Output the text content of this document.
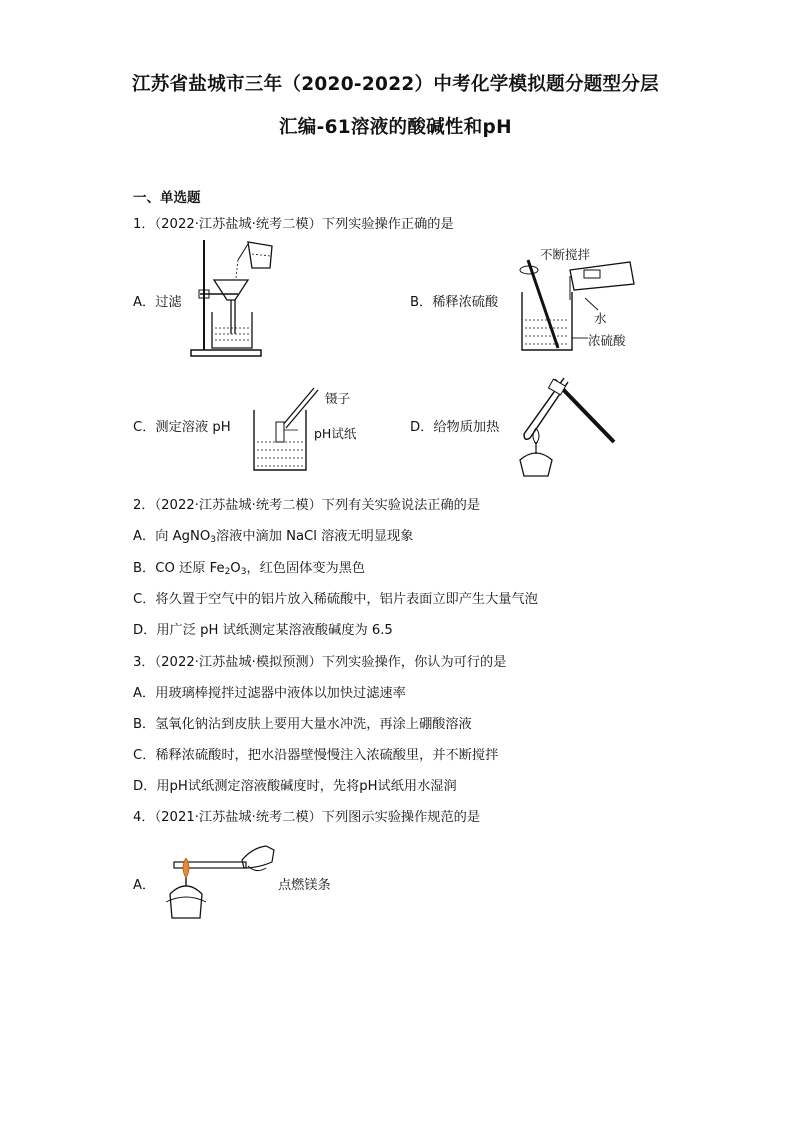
江苏省盐城市三年（2020-2022）中考化学模拟题分题型分层
汇编-61溶液的酸碱性和pH
一、单选题
1．（2022·江苏盐城·统考二模）下列实验操作正确的是
A．过滤	B．稀释浓硫酸
C．测定溶液 pH	D．给物质加热
不断搅拌
水
浓硫酸
镊子
pH试纸
2．（2022·江苏盐城·统考二模）下列有关实验说法正确的是
A．向 AgNO$_3$溶液中滴加 NaCl 溶液无明显现象
B．CO 还原 $Fe_2O_3$，红色固体变为黑色
C．将久置于空气中的铝片放入稀硫酸中，铝片表面立即产生大量气泡
D．用广泛 pH 试纸测定某溶液酸碱度为 6.5
3．（2022·江苏盐城·模拟预测）下列实验操作，你认为可行的是
A．用玻璃棒搅拌过滤器中液体以加快过滤速率
B．氢氧化钠沾到皮肤上要用大量水冲洗，再涂上硼酸溶液
C．稀释浓硫酸时，把水沿器壁慢慢注入浓硫酸里，并不断搅拌
D．用pH试纸测定溶液酸碱度时，先将pH试纸用水湿润
4．（2021·江苏盐城·统考二模）下列图示实验操作规范的是
A．	点燃镁条
